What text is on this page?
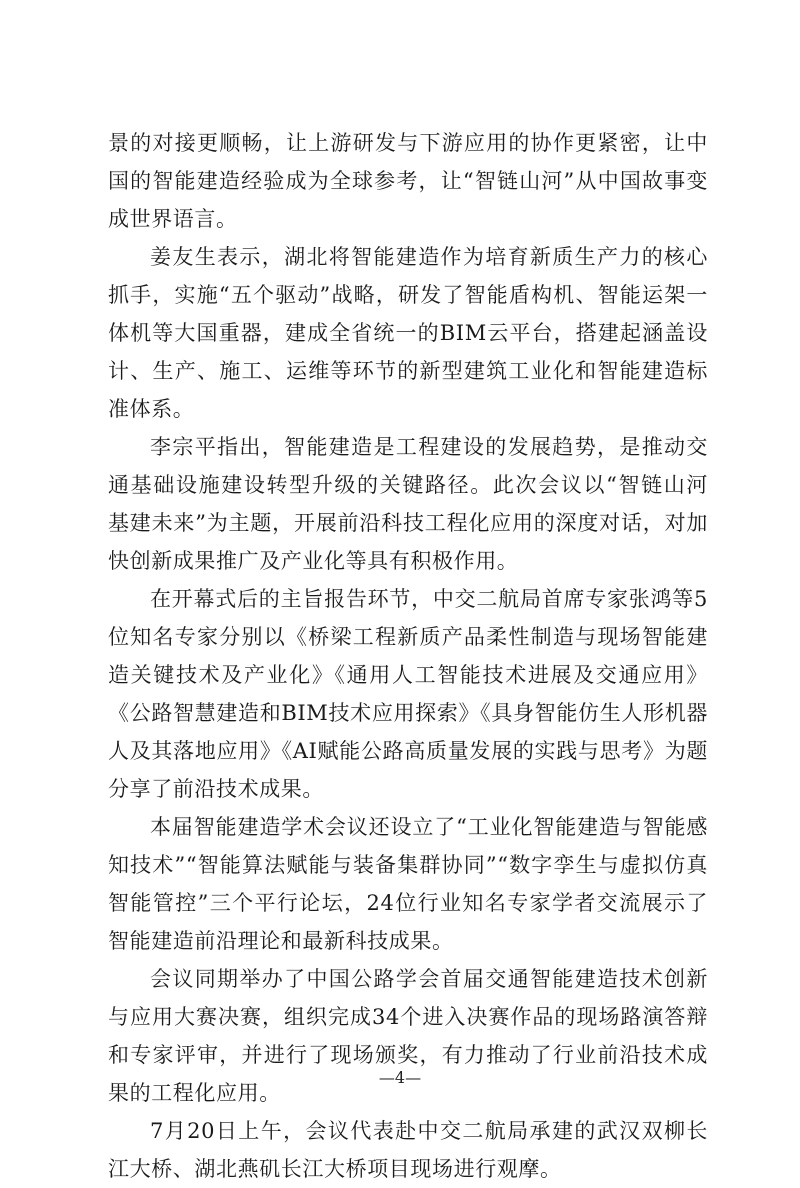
景的对接更顺畅，让上游研发与下游应用的协作更紧密，让中国的智能建造经验成为全球参考，让“智链山河”从中国故事变成世界语言。

姜友生表示，湖北将智能建造作为培育新质生产力的核心抓手，实施“五个驱动”战略，研发了智能盾构机、智能运架一体机等大国重器，建成全省统一的BIM云平台，搭建起涵盖设计、生产、施工、运维等环节的新型建筑工业化和智能建造标准体系。

李宗平指出，智能建造是工程建设的发展趋势，是推动交通基础设施建设转型升级的关键路径。此次会议以“智链山河 基建未来”为主题，开展前沿科技工程化应用的深度对话，对加快创新成果推广及产业化等具有积极作用。

在开幕式后的主旨报告环节，中交二航局首席专家张鸿等5位知名专家分别以《桥梁工程新质产品柔性制造与现场智能建造关键技术及产业化》《通用人工智能技术进展及交通应用》《公路智慧建造和BIM技术应用探索》《具身智能仿生人形机器人及其落地应用》《AI赋能公路高质量发展的实践与思考》为题分享了前沿技术成果。

本届智能建造学术会议还设立了“工业化智能建造与智能感知技术”“智能算法赋能与装备集群协同”“数字孪生与虚拟仿真智能管控”三个平行论坛，24位行业知名专家学者交流展示了智能建造前沿理论和最新科技成果。

会议同期举办了中国公路学会首届交通智能建造技术创新与应用大赛决赛，组织完成34个进入决赛作品的现场路演答辩和专家评审，并进行了现场颁奖，有力推动了行业前沿技术成果的工程化应用。

7月20日上午，会议代表赴中交二航局承建的武汉双柳长江大桥、湖北燕矶长江大桥项目现场进行观摩。

—4—
